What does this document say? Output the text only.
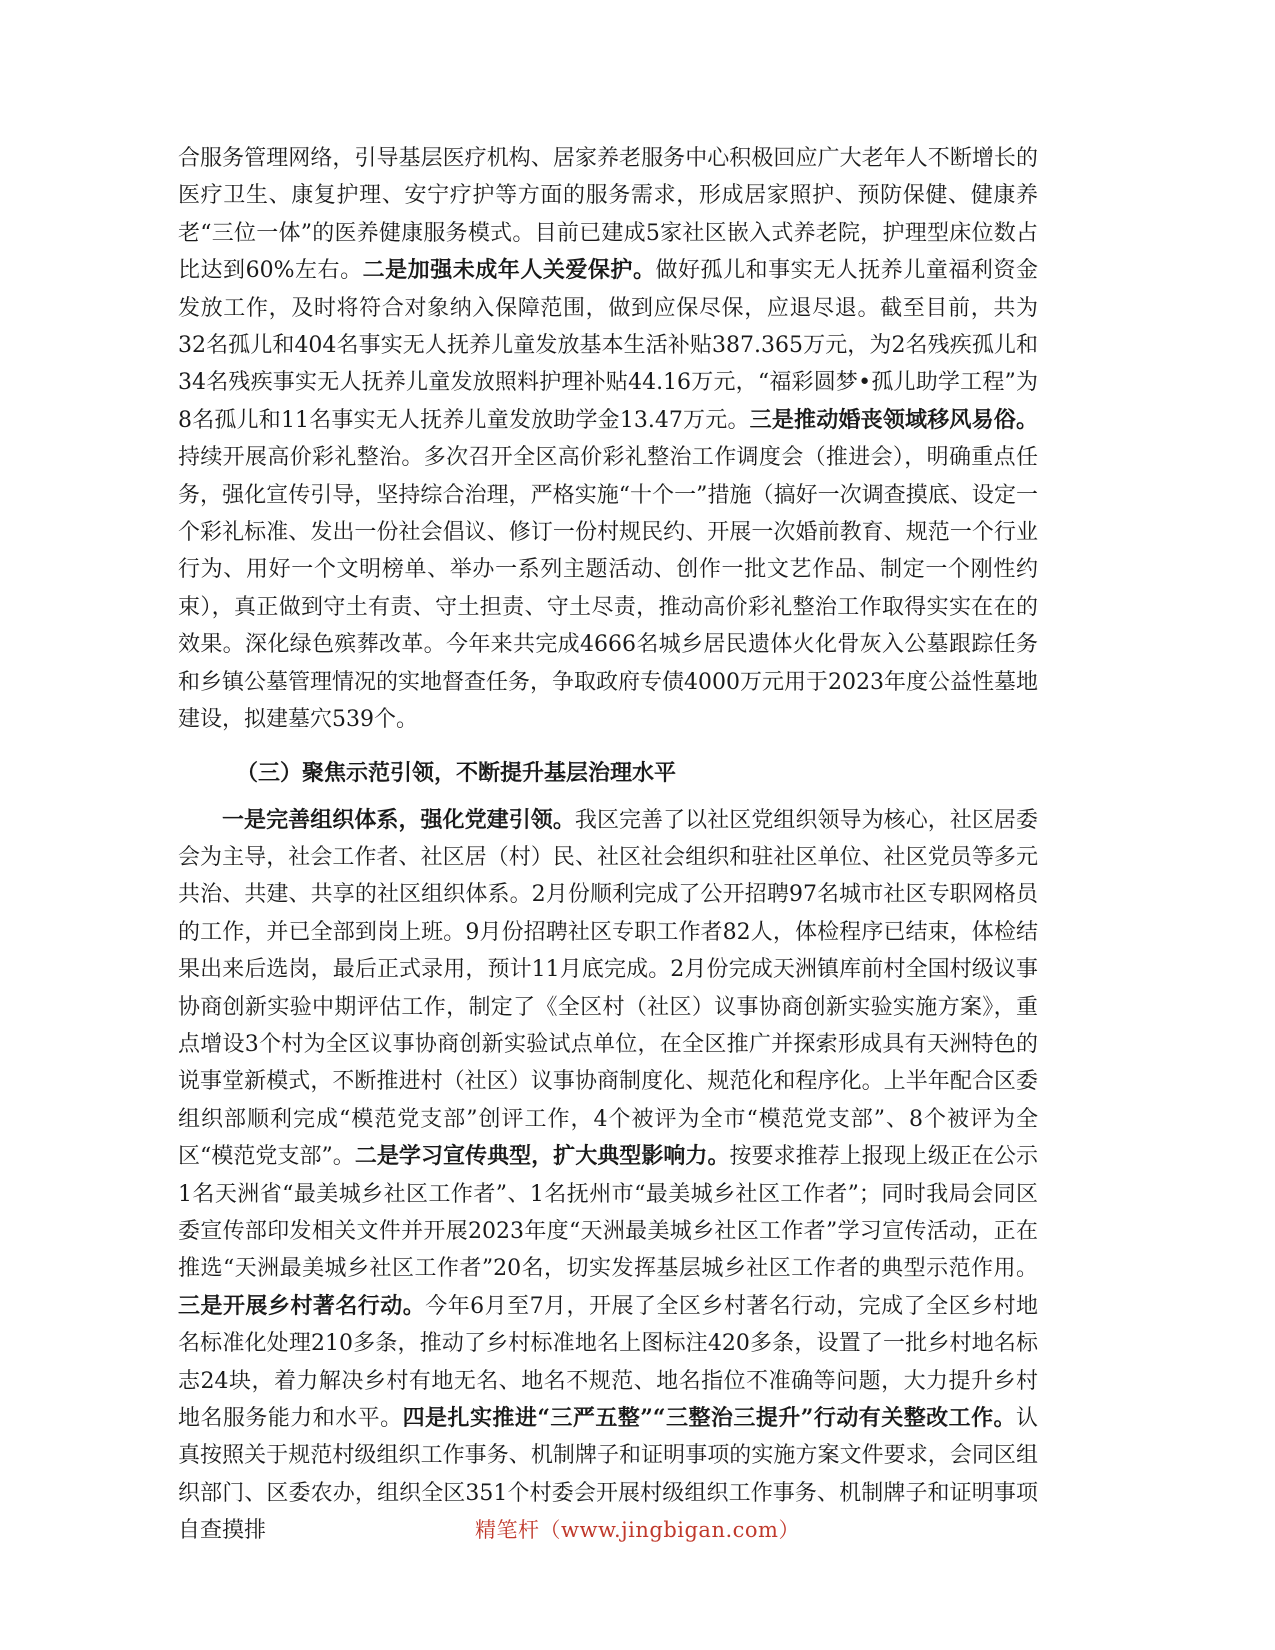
合服务管理网络，引导基层医疗机构、居家养老服务中心积极回应广大老年人不断增长的医疗卫生、康复护理、安宁疗护等方面的服务需求，形成居家照护、预防保健、健康养老“三位一体”的医养健康服务模式。目前已建成5家社区嵌入式养老院，护理型床位数占比达到60%左右。二是加强未成年人关爱保护。做好孤儿和事实无人抚养儿童福利资金发放工作，及时将符合对象纳入保障范围，做到应保尽保，应退尽退。截至目前，共为32名孤儿和404名事实无人抚养儿童发放基本生活补贴387.365万元，为2名残疾孤儿和34名残疾事实无人抚养儿童发放照料护理补贴44.16万元，“福彩圆梦•孤儿助学工程”为8名孤儿和11名事实无人抚养儿童发放助学金13.47万元。三是推动婚丧领域移风易俗。持续开展高价彩礼整治。多次召开全区高价彩礼整治工作调度会（推进会），明确重点任务，强化宣传引导，坚持综合治理，严格实施“十个一”措施（搞好一次调查摸底、设定一个彩礼标准、发出一份社会倡议、修订一份村规民约、开展一次婚前教育、规范一个行业行为、用好一个文明榜单、举办一系列主题活动、创作一批文艺作品、制定一个刚性约束），真正做到守土有责、守土担责、守土尽责，推动高价彩礼整治工作取得实实在在的效果。深化绿色殡葬改革。今年来共完成4666名城乡居民遗体火化骨灰入公墓跟踪任务和乡镇公墓管理情况的实地督查任务，争取政府专债4000万元用于2023年度公益性墓地建设，拟建墓穴539个。

（三）聚焦示范引领，不断提升基层治理水平

一是完善组织体系，强化党建引领。我区完善了以社区党组织领导为核心，社区居委会为主导，社会工作者、社区居（村）民、社区社会组织和驻社区单位、社区党员等多元共治、共建、共享的社区组织体系。2月份顺利完成了公开招聘97名城市社区专职网格员的工作，并已全部到岗上班。9月份招聘社区专职工作者82人，体检程序已结束，体检结果出来后选岗，最后正式录用，预计11月底完成。2月份完成天洲镇库前村全国村级议事协商创新实验中期评估工作，制定了《全区村（社区）议事协商创新实验实施方案》，重点增设3个村为全区议事协商创新实验试点单位，在全区推广并探索形成具有天洲特色的说事堂新模式，不断推进村（社区）议事协商制度化、规范化和程序化。上半年配合区委组织部顺利完成“模范党支部”创评工作，4个被评为全市“模范党支部”、8个被评为全区“模范党支部”。二是学习宣传典型，扩大典型影响力。按要求推荐上报现上级正在公示1名天洲省“最美城乡社区工作者”、1名抚州市“最美城乡社区工作者”；同时我局会同区委宣传部印发相关文件并开展2023年度“天洲最美城乡社区工作者”学习宣传活动，正在推选“天洲最美城乡社区工作者”20名，切实发挥基层城乡社区工作者的典型示范作用。三是开展乡村著名行动。今年6月至7月，开展了全区乡村著名行动，完成了全区乡村地名标准化处理210多条，推动了乡村标准地名上图标注420多条，设置了一批乡村地名标志24块，着力解决乡村有地无名、地名不规范、地名指位不准确等问题，大力提升乡村地名服务能力和水平。四是扎实推进“三严五整”“三整治三提升”行动有关整改工作。认真按照关于规范村级组织工作事务、机制牌子和证明事项的实施方案文件要求，会同区组织部门、区委农办，组织全区351个村委会开展村级组织工作事务、机制牌子和证明事项自查摸排	精笔杆（www.jingbigan.com）
